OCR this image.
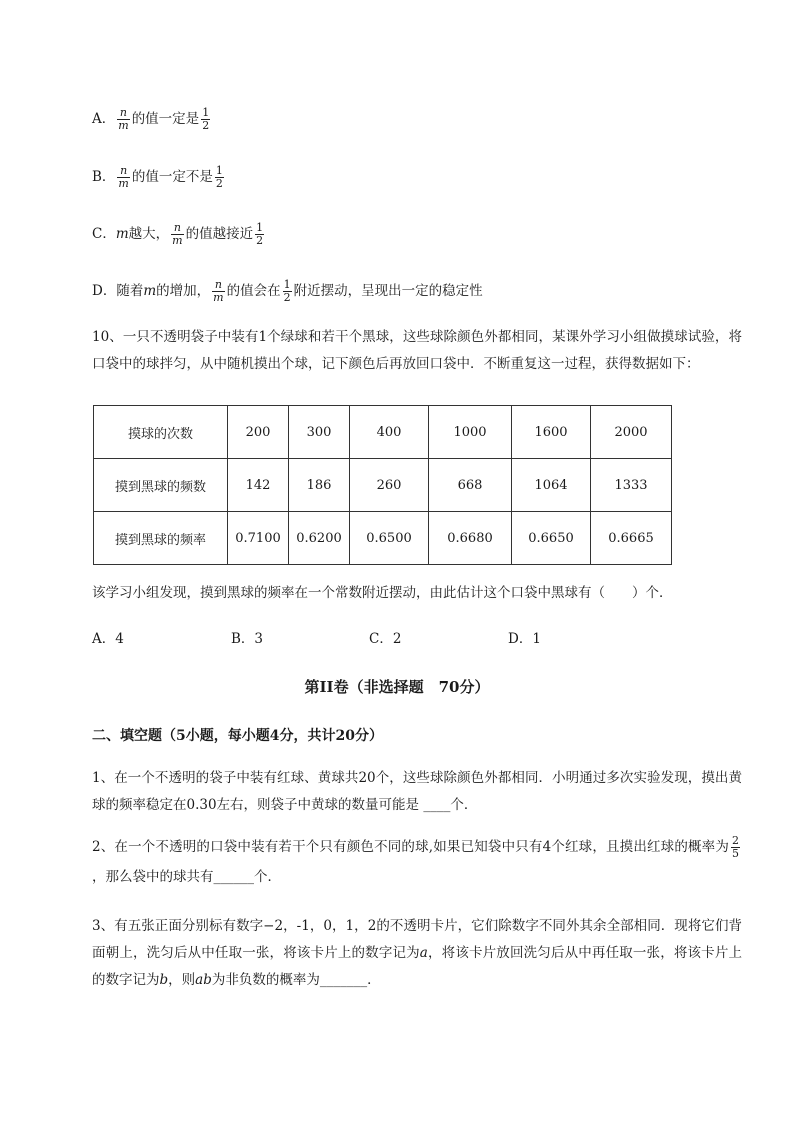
A． $\frac{n}{m}$ 的值一定是 $\frac{1}{2}$
B． $\frac{n}{m}$ 的值一定不是 $\frac{1}{2}$
C．m越大， $\frac{n}{m}$ 的值越接近 $\frac{1}{2}$
D．随着m的增加， $\frac{n}{m}$ 的值会在 $\frac{1}{2}$ 附近摆动，呈现出一定的稳定性
10、一只不透明袋子中装有1个绿球和若干个黑球，这些球除颜色外都相同，某课外学习小组做摸球试验，将口袋中的球拌匀，从中随机摸出个球，记下颜色后再放回口袋中．不断重复这一过程，获得数据如下：
摸球的次数	200	300	400	1000	1600	2000
摸到黑球的频数	142	186	260	668	1064	1333
摸到黑球的频率	0.7100	0.6200	0.6500	0.6680	0.6650	0.6665
该学习小组发现，摸到黑球的频率在一个常数附近摆动，由此估计这个口袋中黑球有（　　）个．
A．4	B．3	C．2	D．1
第II卷（非选择题　70分）
二、填空题（5小题，每小题4分，共计20分）
1、在一个不透明的袋子中装有红球、黄球共20个，这些球除颜色外都相同．小明通过多次实验发现，摸出黄球的频率稳定在0.30左右，则袋子中黄球的数量可能是 ____个．
2、在一个不透明的口袋中装有若干个只有颜色不同的球,如果已知袋中只有4个红球，且摸出红球的概率为 $\frac{2}{5}$
，那么袋中的球共有______个．
3、有五张正面分别标有数字−2，-1，0，1，2的不透明卡片，它们除数字不同外其余全部相同．现将它们背面朝上，洗匀后从中任取一张，将该卡片上的数字记为a，将该卡片放回洗匀后从中再任取一张，将该卡片上的数字记为b，则ab为非负数的概率为_______．
